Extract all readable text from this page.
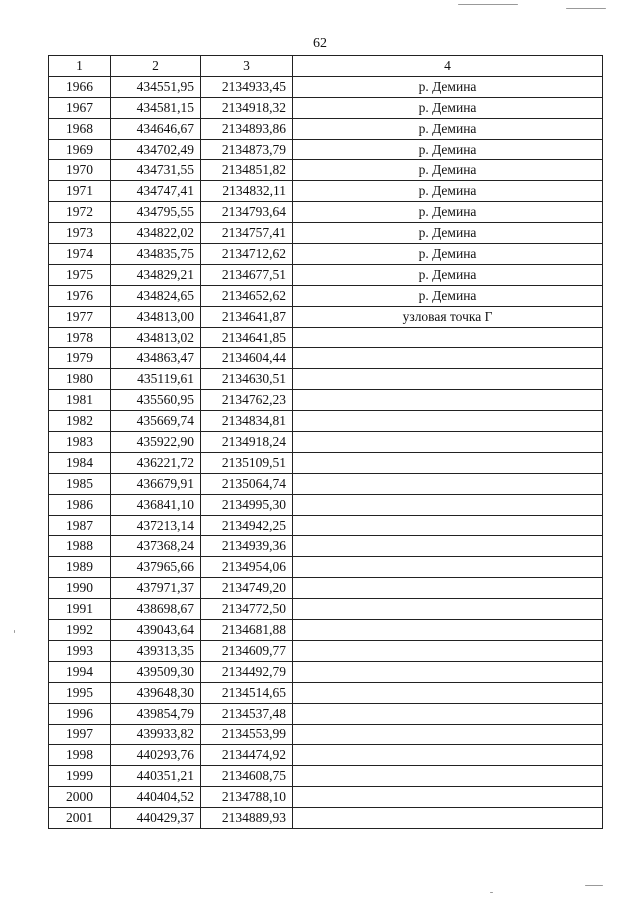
62
1	2	3	4
1966	434551,95	2134933,45	р. Демина
1967	434581,15	2134918,32	р. Демина
1968	434646,67	2134893,86	р. Демина
1969	434702,49	2134873,79	р. Демина
1970	434731,55	2134851,82	р. Демина
1971	434747,41	2134832,11	р. Демина
1972	434795,55	2134793,64	р. Демина
1973	434822,02	2134757,41	р. Демина
1974	434835,75	2134712,62	р. Демина
1975	434829,21	2134677,51	р. Демина
1976	434824,65	2134652,62	р. Демина
1977	434813,00	2134641,87	узловая точка Г
1978	434813,02	2134641,85	
1979	434863,47	2134604,44	
1980	435119,61	2134630,51	
1981	435560,95	2134762,23	
1982	435669,74	2134834,81	
1983	435922,90	2134918,24	
1984	436221,72	2135109,51	
1985	436679,91	2135064,74	
1986	436841,10	2134995,30	
1987	437213,14	2134942,25	
1988	437368,24	2134939,36	
1989	437965,66	2134954,06	
1990	437971,37	2134749,20	
1991	438698,67	2134772,50	
1992	439043,64	2134681,88	
1993	439313,35	2134609,77	
1994	439509,30	2134492,79	
1995	439648,30	2134514,65	
1996	439854,79	2134537,48	
1997	439933,82	2134553,99	
1998	440293,76	2134474,92	
1999	440351,21	2134608,75	
2000	440404,52	2134788,10	
2001	440429,37	2134889,93	
